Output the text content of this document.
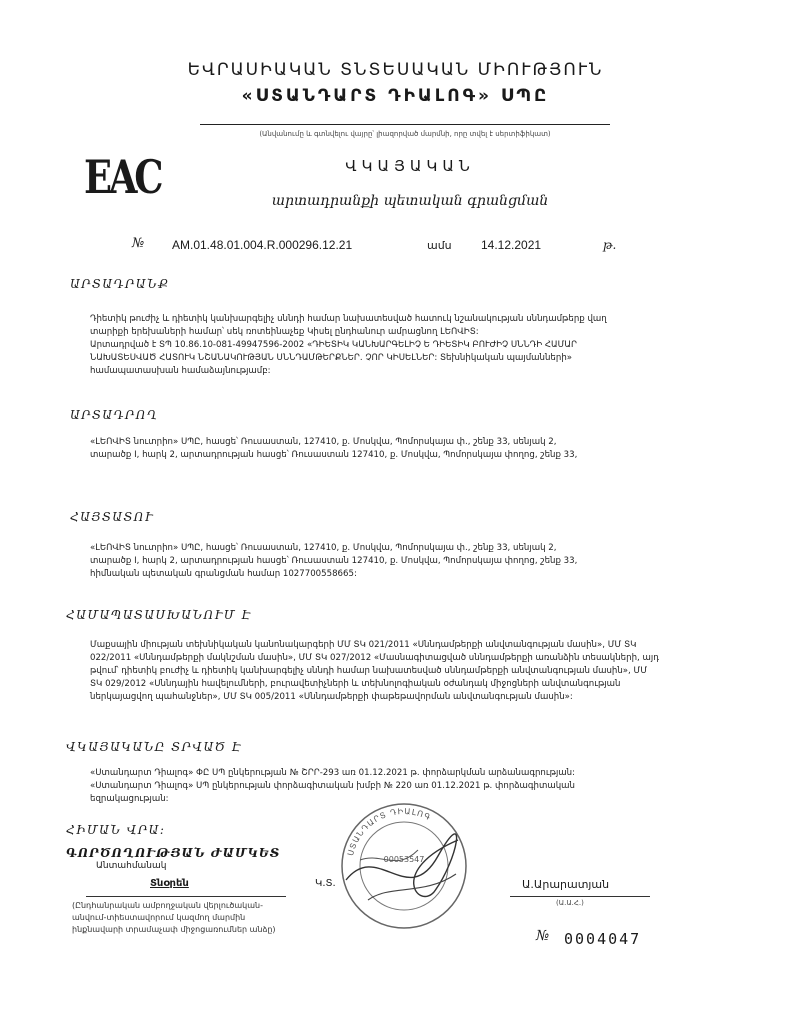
ԵՎՐԱՍԻԱԿԱՆ ՏՆՏԵՍԱԿԱՆ ՄԻՈՒԹՅՈՒՆ
«ՍՏԱՆԴԱՐՏ ԴԻԱԼՈԳ» ՍՊԸ
(Անվանումը և գտնվելու վայրը՝ լիազորված մարմնի, որը տվել է սերտիֆիկատ)
EAC	ՎԿԱՅԱԿԱՆ
արտադրանքի պետական գրանցման
№ AM.01.48.01.004.R.000296.12.21	ամս 14.12.2021	թ.
ԱՐՏԱԴՐԱՆՔ
Դիետիկ թուժիչ և դիետիկ կանխարգելիչ սննդի համար նախատեսված հատուկ նշանակության սննդամթերք վաղ
տարիքի երեխաների համար՝ սեկ ռոտեինաչեք Կիսել ընդհանուր ամրացնող ԼԵՈՎԻՏ:
Արտադրված է ՏՊ 10.86.10-081-49947596-2002 «ԴԻԵՏԻԿ ԿԱՆԽԱՐԳԵԼԻՉ Ե ԴԻԵՏԻԿ ԲՈՒԺԻՉ ՍՆՆԴԻ ՀԱՄԱՐ
ՆԱԽԱՏԵՍՎԱԾ ՀԱՏՈՒԿ ՆՇԱՆԱԿՈՒԹՅԱՆ ՍՆՆԴԱՄԹԵՐՔՆԵՐ. ՉՈՐ ԿԻՍԵԼՆԵՐ: Տեխնիկական պայմանների»
համապատասխան համաձայնությամբ:
ԱՐՏԱԴՐՈՂ
«ԼԵՈՎԻՏ նուտրիո» ՍՊԸ, հասցե՝ Ռուսաստան, 127410, ք. Մոսկվա, Պոմորսկայա փ., շենք 33, սենյակ 2,
տարածք I, հարկ 2, արտադրության հասցե՝ Ռուսաստան 127410, ք. Մոսկվա, Պոմորսկայա փողոց, շենք 33,
ՀԱՅՏԱՏՈՒ
«ԼԵՈՎԻՏ նուտրիո» ՍՊԸ, հասցե՝ Ռուսաստան, 127410, ք. Մոսկվա, Պոմորսկայա փ., շենք 33, սենյակ 2,
տարածք I, հարկ 2, արտադրության հասցե՝ Ռուսաստան 127410, ք. Մոսկվա, Պոմորսկայա փողոց, շենք 33,
հիմնական պետական գրանցման համար 1027700558665:
ՀԱՄԱՊԱՏԱՍԽԱՆՈՒՄ Է
Մաքսային միության տեխնիկական կանոնակարգերի ՄՄ ՏԿ 021/2011 «Սննդամթերքի անվտանգության մասին», ՄՄ ՏԿ
022/2011 «Սննդամթերքի մակնշման մասին», ՄՄ ՏԿ 027/2012 «Մասնագիտացված սննդամթերքի առանձին տեսակների, այդ
թվում՝ դիետիկ բուժիչ և դիետիկ կանխարգելիչ սննդի համար նախատեսված սննդամթերքի անվտանգության մասին», ՄՄ
ՏԿ 029/2012 «Սննդային հավելումների, բուրավետիչների և տեխնոլոգիական օժանդակ միջոցների անվտանգության
ներկայացվող պահանջներ», ՄՄ ՏԿ 005/2011 «Սննդամթերքի փաթեթավորման անվտանգության մասին»:
ՎԿԱՅԱԿԱՆԸ ՏՐՎԱԾ Է
«Ստանդարտ Դիալոգ» ՓԸ ՍՊ ընկերության № ՇՐՐ-293 առ 01.12.2021 թ. փորձարկման արձանագրության:
«Ստանդարտ Դիալոգ» ՍՊ ընկերության փորձագիտական խմբի № 220 առ 01.12.2021 թ. փորձագիտական
եզրակացության:
ՀԻՄԱՆ ՎՐԱ:
ԳՈՐԾՈՂՈՒԹՅԱՆ ԺԱՄԿԵՏ
Անտահմանակ
Տնօրեն
(Ընդհանրական ամբողջական վերլուծական-
անվում-տիեստավորում կազմող մարմին
ինքնավարի տրամաչափ միջոցառումներ անձը)
Կ.Տ.
ՍՏԱՆԴԱՐՏ ԴԻԱԼՈԳ
00053547
Ա.Արարատյան
(Ա.Ա.Հ.)
№ 0004047
